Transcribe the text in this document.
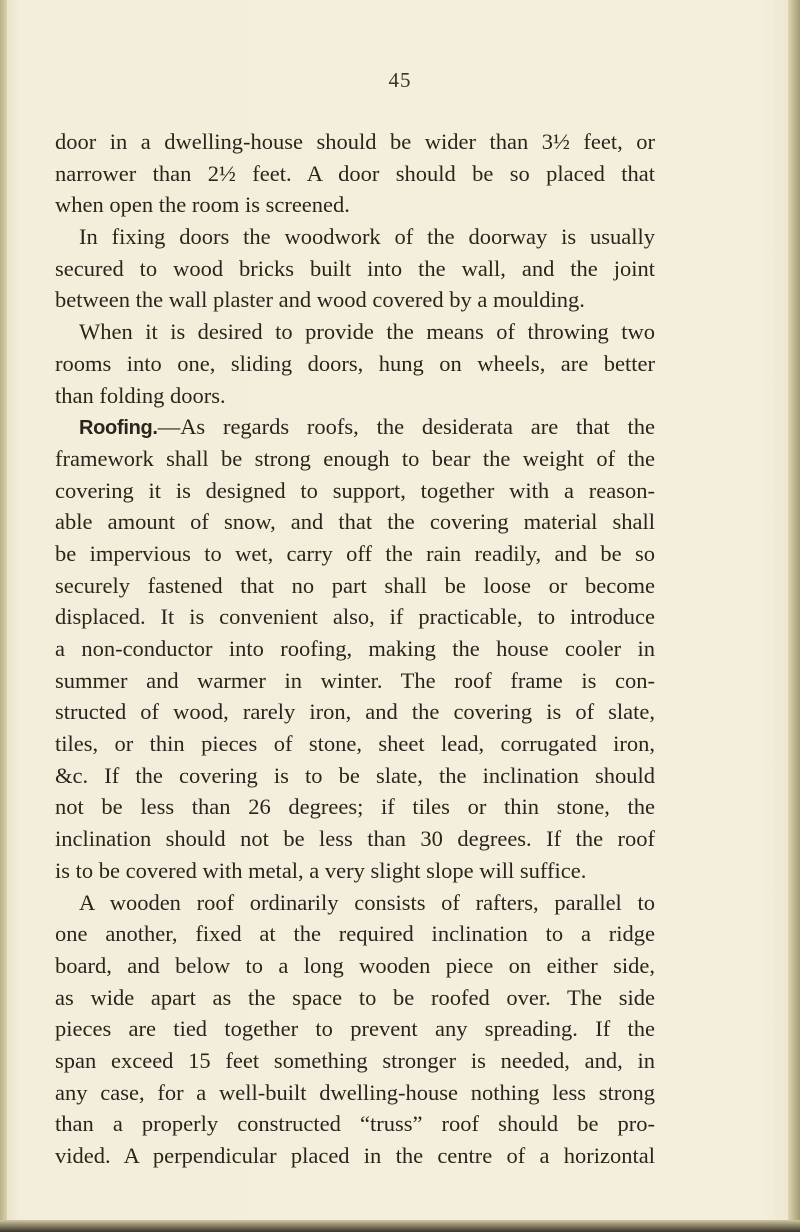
45
door in a dwelling-house should be wider than 3½ feet, or
narrower than 2½ feet. A door should be so placed that
when open the room is screened.
In fixing doors the woodwork of the doorway is usually
secured to wood bricks built into the wall, and the joint
between the wall plaster and wood covered by a moulding.
When it is desired to provide the means of throwing two
rooms into one, sliding doors, hung on wheels, are better
than folding doors.
Roofing.—As regards roofs, the desiderata are that the
framework shall be strong enough to bear the weight of the
covering it is designed to support, together with a reason-
able amount of snow, and that the covering material shall
be impervious to wet, carry off the rain readily, and be so
securely fastened that no part shall be loose or become
displaced. It is convenient also, if practicable, to introduce
a non-conductor into roofing, making the house cooler in
summer and warmer in winter. The roof frame is con-
structed of wood, rarely iron, and the covering is of slate,
tiles, or thin pieces of stone, sheet lead, corrugated iron,
&c. If the covering is to be slate, the inclination should
not be less than 26 degrees; if tiles or thin stone, the
inclination should not be less than 30 degrees. If the roof
is to be covered with metal, a very slight slope will suffice.
A wooden roof ordinarily consists of rafters, parallel to
one another, fixed at the required inclination to a ridge
board, and below to a long wooden piece on either side,
as wide apart as the space to be roofed over. The side
pieces are tied together to prevent any spreading. If the
span exceed 15 feet something stronger is needed, and, in
any case, for a well-built dwelling-house nothing less strong
than a properly constructed “truss” roof should be pro-
vided. A perpendicular placed in the centre of a horizontal
